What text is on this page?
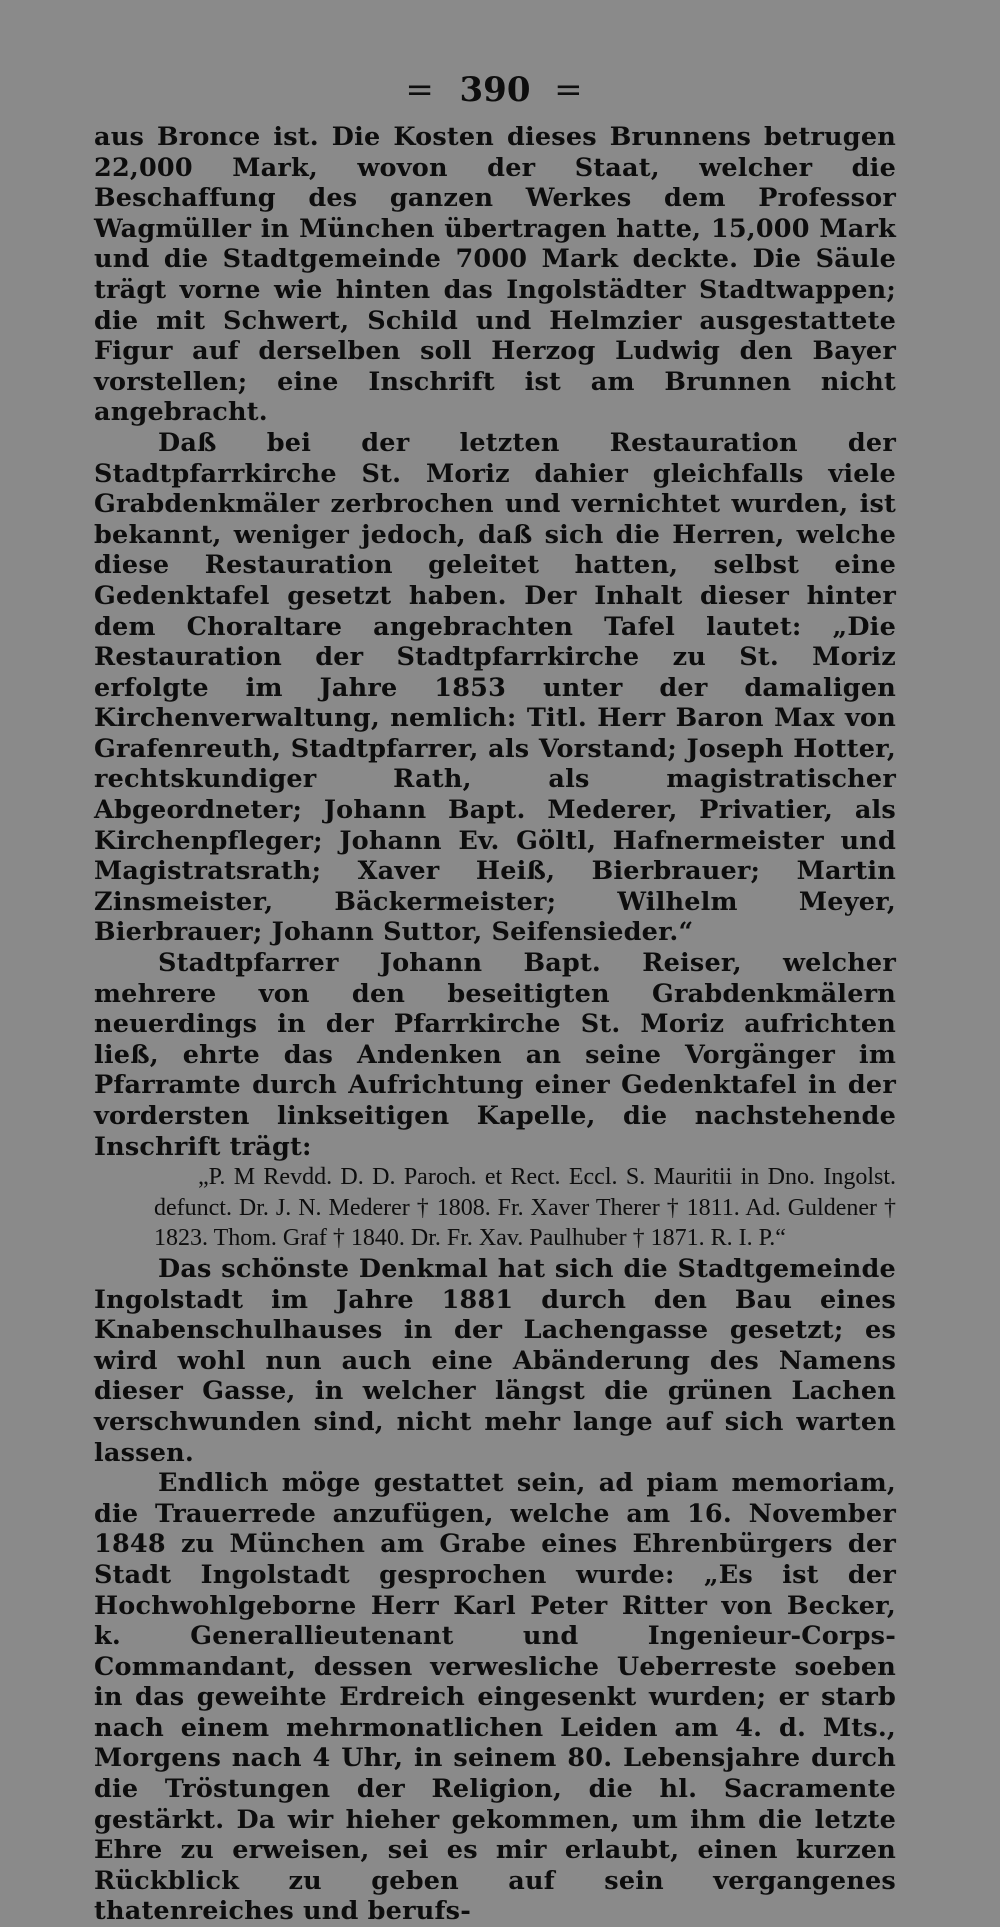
= 390 =

aus Bronce ist. Die Kosten dieses Brunnens betrugen 22,000 Mark, wovon der Staat, welcher die Beschaffung des ganzen Werkes dem Professor Wagmüller in München übertragen hatte, 15,000 Mark und die Stadtgemeinde 7000 Mark deckte. Die Säule trägt vorne wie hinten das Ingolstädter Stadtwappen; die mit Schwert, Schild und Helmzier ausgestattete Figur auf derselben soll Herzog Ludwig den Bayer vorstellen; eine Inschrift ist am Brunnen nicht angebracht.

Daß bei der letzten Restauration der Stadtpfarrkirche St. Moriz dahier gleichfalls viele Grabdenkmäler zerbrochen und vernichtet wurden, ist bekannt, weniger jedoch, daß sich die Herren, welche diese Restauration geleitet hatten, selbst eine Gedenktafel gesetzt haben. Der Inhalt dieser hinter dem Choraltare angebrachten Tafel lautet: „Die Restauration der Stadtpfarrkirche zu St. Moriz erfolgte im Jahre 1853 unter der damaligen Kirchenverwaltung, nemlich: Titl. Herr Baron Max von Grafenreuth, Stadtpfarrer, als Vorstand; Joseph Hotter, rechtskundiger Rath, als magistratischer Abgeordneter; Johann Bapt. Mederer, Privatier, als Kirchenpfleger; Johann Ev. Göltl, Hafnermeister und Magistratsrath; Xaver Heiß, Bierbrauer; Martin Zinsmeister, Bäckermeister; Wilhelm Meyer, Bierbrauer; Johann Suttor, Seifensieder.“

Stadtpfarrer Johann Bapt. Reiser, welcher mehrere von den beseitigten Grabdenkmälern neuerdings in der Pfarrkirche St. Moriz aufrichten ließ, ehrte das Andenken an seine Vorgänger im Pfarramte durch Aufrichtung einer Gedenktafel in der vordersten linkseitigen Kapelle, die nachstehende Inschrift trägt:

„P. M Revdd. D. D. Paroch. et Rect. Eccl. S. Mauritii in Dno. Ingolst. defunct. Dr. J. N. Mederer † 1808. Fr. Xaver Therer † 1811. Ad. Guldener † 1823. Thom. Graf † 1840. Dr. Fr. Xav. Paulhuber † 1871. R. I. P.“

Das schönste Denkmal hat sich die Stadtgemeinde Ingolstadt im Jahre 1881 durch den Bau eines Knabenschulhauses in der Lachengasse gesetzt; es wird wohl nun auch eine Abänderung des Namens dieser Gasse, in welcher längst die grünen Lachen verschwunden sind, nicht mehr lange auf sich warten lassen.

Endlich möge gestattet sein, ad piam memoriam, die Trauerrede anzufügen, welche am 16. November 1848 zu München am Grabe eines Ehrenbürgers der Stadt Ingolstadt gesprochen wurde: „Es ist der Hochwohlgeborne Herr Karl Peter Ritter von Becker, k. Generallieutenant und Ingenieur-Corps-Commandant, dessen verwesliche Ueberreste soeben in das geweihte Erdreich eingesenkt wurden; er starb nach einem mehrmonatlichen Leiden am 4. d. Mts., Morgens nach 4 Uhr, in seinem 80. Lebensjahre durch die Tröstungen der Religion, die hl. Sacramente gestärkt. Da wir hieher gekommen, um ihm die letzte Ehre zu erweisen, sei es mir erlaubt, einen kurzen Rückblick zu geben auf sein vergangenes thatenreiches und berufs-
